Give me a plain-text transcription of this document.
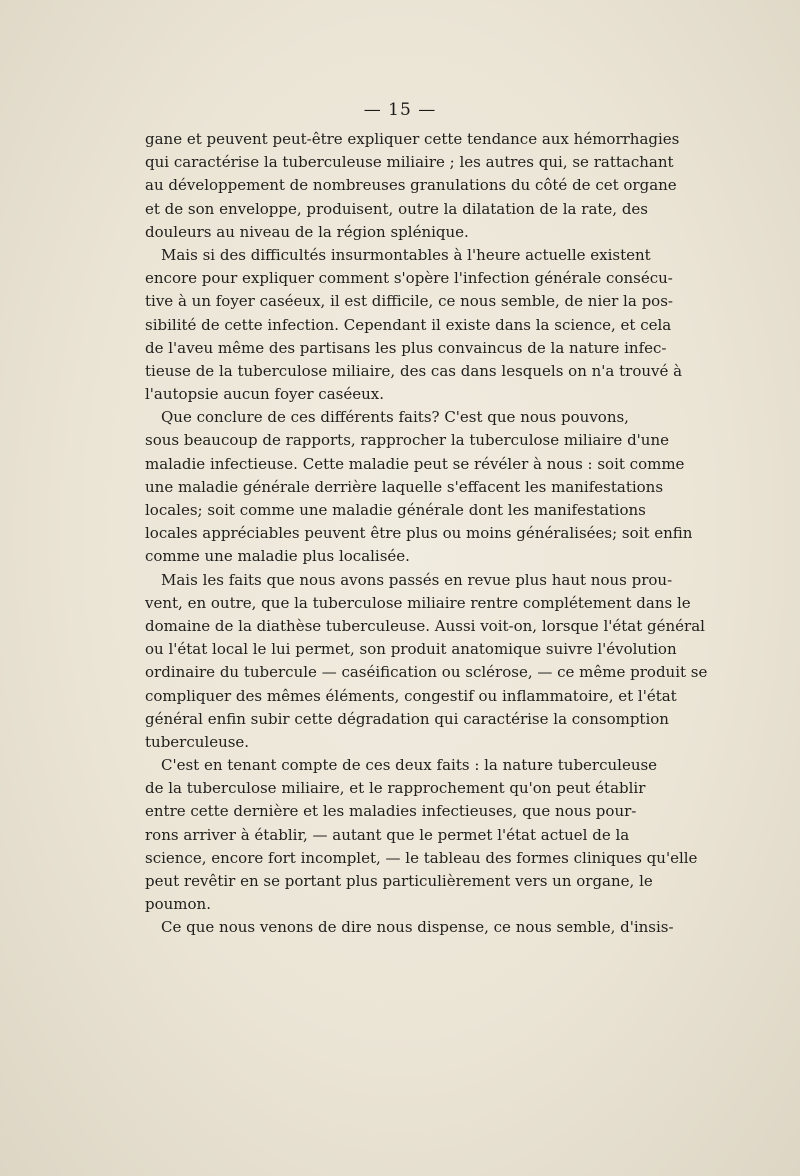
— 15 —
gane et peuvent peut-être expliquer cette tendance aux hémorrhagies
qui caractérise la tuberculeuse miliaire ; les autres qui, se rattachant
au développement de nombreuses granulations du côté de cet organe
et de son enveloppe, produisent, outre la dilatation de la rate, des
douleurs au niveau de la région splénique.
Mais si des difficultés insurmontables à l'heure actuelle existent
encore pour expliquer comment s'opère l'infection générale consécu-
tive à un foyer caséeux, il est difficile, ce nous semble, de nier la pos-
sibilité de cette infection. Cependant il existe dans la science, et cela
de l'aveu même des partisans les plus convaincus de la nature infec-
tieuse de la tuberculose miliaire, des cas dans lesquels on n'a trouvé à
l'autopsie aucun foyer caséeux.
Que conclure de ces différents faits? C'est que nous pouvons,
sous beaucoup de rapports, rapprocher la tuberculose miliaire d'une
maladie infectieuse. Cette maladie peut se révéler à nous : soit comme
une maladie générale derrière laquelle s'effacent les manifestations
locales; soit comme une maladie générale dont les manifestations
locales appréciables peuvent être plus ou moins généralisées; soit enfin
comme une maladie plus localisée.
Mais les faits que nous avons passés en revue plus haut nous prou-
vent, en outre, que la tuberculose miliaire rentre complétement dans le
domaine de la diathèse tuberculeuse. Aussi voit-on, lorsque l'état général
ou l'état local le lui permet, son produit anatomique suivre l'évolution
ordinaire du tubercule — caséification ou sclérose, — ce même produit se
compliquer des mêmes éléments, congestif ou inflammatoire, et l'état
général enfin subir cette dégradation qui caractérise la consomption
tuberculeuse.
C'est en tenant compte de ces deux faits : la nature tuberculeuse
de la tuberculose miliaire, et le rapprochement qu'on peut établir
entre cette dernière et les maladies infectieuses, que nous pour-
rons arriver à établir, — autant que le permet l'état actuel de la
science, encore fort incomplet, — le tableau des formes cliniques qu'elle
peut revêtir en se portant plus particulièrement vers un organe, le
poumon.
Ce que nous venons de dire nous dispense, ce nous semble, d'insis-
